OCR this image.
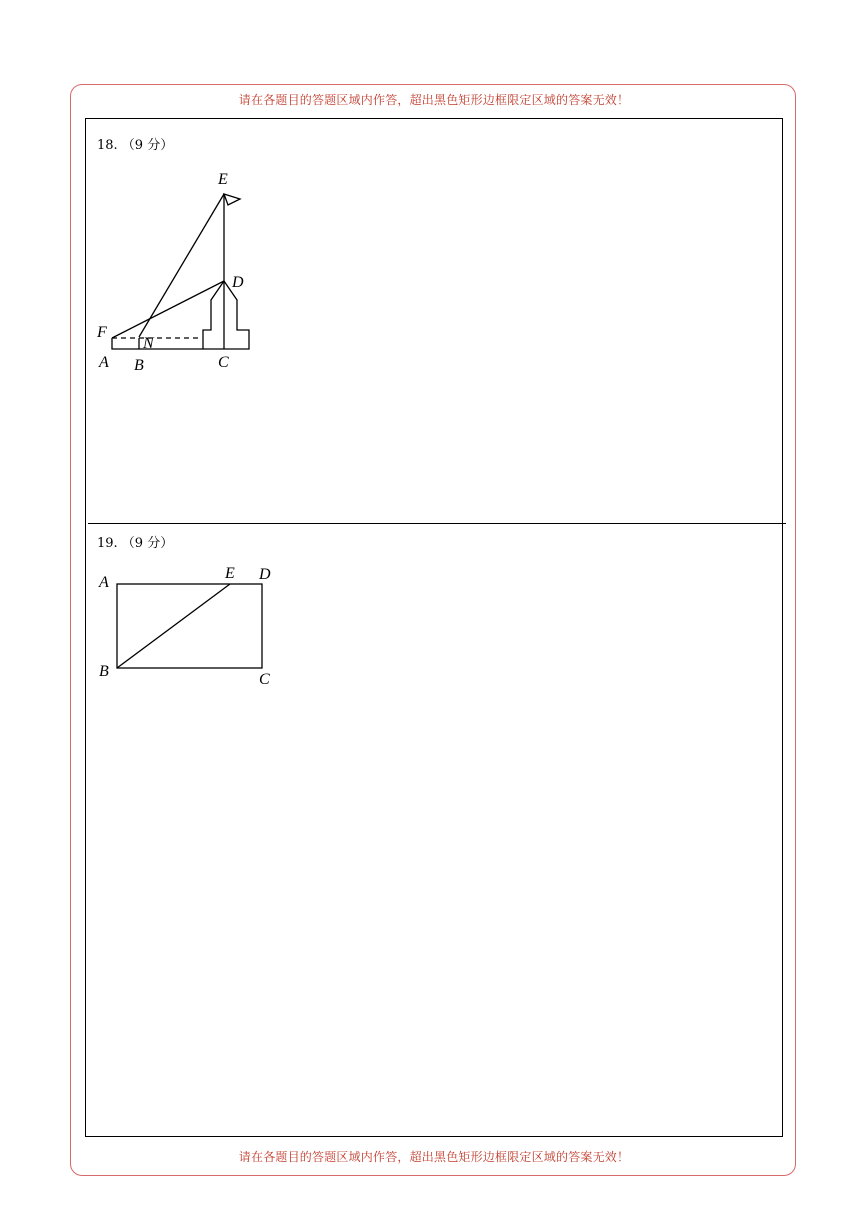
请在各题目的答题区域内作答，超出黑色矩形边框限定区域的答案无效！
18. （9 分）
19. （9 分）
E
D
F
N
A B	C
A
E D
B	C
请在各题目的答题区域内作答，超出黑色矩形边框限定区域的答案无效！
